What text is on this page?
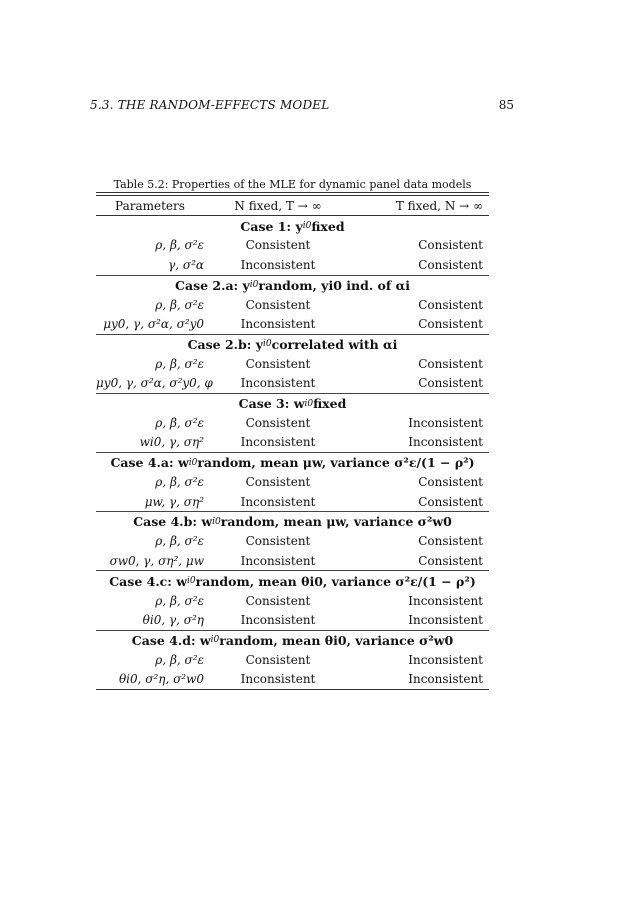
5.3. THE RANDOM-EFFECTS MODEL	85
Table 5.2: Properties of the MLE for dynamic panel data models
Parameters	N fixed, T → ∞	T fixed, N → ∞
Case 1: y i0 fixed
ρ, β, σ²ε	Consistent	Consistent
γ, σ²α	Inconsistent	Consistent
Case 2.a: y i0 random, yi0 ind. of αi
ρ, β, σ²ε	Consistent	Consistent
μy0, γ, σ²α, σ²y0	Inconsistent	Consistent
Case 2.b: y i0 correlated with αi
ρ, β, σ²ε	Consistent	Consistent
μy0, γ, σ²α, σ²y0, φ	Inconsistent	Consistent
Case 3: w i0 fixed
ρ, β, σ²ε	Consistent	Inconsistent
wi0, γ, ση²	Inconsistent	Inconsistent
Case 4.a: w i0 random, mean μw, variance σ²ε/(1 − ρ²)
ρ, β, σ²ε	Consistent	Consistent
μw, γ, ση²	Inconsistent	Consistent
Case 4.b: w i0 random, mean μw, variance σ²w0
ρ, β, σ²ε	Consistent	Consistent
σw0, γ, ση², μw	Inconsistent	Consistent
Case 4.c: w i0 random, mean θi0, variance σ²ε/(1 − ρ²)
ρ, β, σ²ε	Consistent	Inconsistent
θi0, γ, σ²η	Inconsistent	Inconsistent
Case 4.d: w i0 random, mean θi0, variance σ²w0
ρ, β, σ²ε	Consistent	Inconsistent
θi0, σ²η, σ²w0	Inconsistent	Inconsistent
